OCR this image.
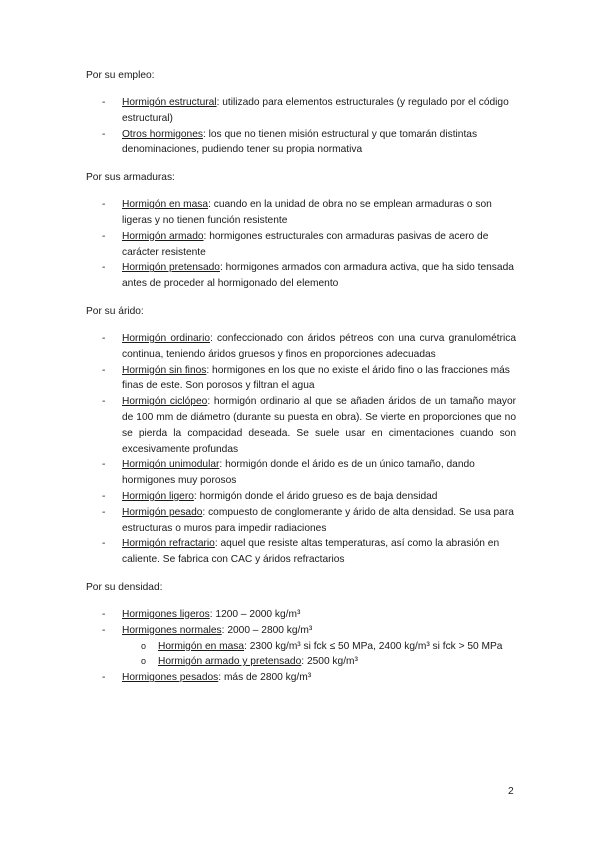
Por su empleo:

- Hormigón estructural: utilizado para elementos estructurales (y regulado por el código estructural)
- Otros hormigones: los que no tienen misión estructural y que tomarán distintas denominaciones, pudiendo tener su propia normativa

Por sus armaduras:

- Hormigón en masa: cuando en la unidad de obra no se emplean armaduras o son ligeras y no tienen función resistente
- Hormigón armado: hormigones estructurales con armaduras pasivas de acero de carácter resistente
- Hormigón pretensado: hormigones armados con armadura activa, que ha sido tensada antes de proceder al hormigonado del elemento

Por su árido:

- Hormigón ordinario: confeccionado con áridos pétreos con una curva granulométrica continua, teniendo áridos gruesos y finos en proporciones adecuadas
- Hormigón sin finos: hormigones en los que no existe el árido fino o las fracciones más finas de este. Son porosos y filtran el agua
- Hormigón ciclópeo: hormigón ordinario al que se añaden áridos de un tamaño mayor de 100 mm de diámetro (durante su puesta en obra). Se vierte en proporciones que no se pierda la compacidad deseada. Se suele usar en cimentaciones cuando son excesivamente profundas
- Hormigón unimodular: hormigón donde el árido es de un único tamaño, dando hormigones muy porosos
- Hormigón ligero: hormigón donde el árido grueso es de baja densidad
- Hormigón pesado: compuesto de conglomerante y árido de alta densidad. Se usa para estructuras o muros para impedir radiaciones
- Hormigón refractario: aquel que resiste altas temperaturas, así como la abrasión en caliente. Se fabrica con CAC y áridos refractarios

Por su densidad:

- Hormigones ligeros: 1200 – 2000 kg/m³
- Hormigones normales: 2000 – 2800 kg/m³
o Hormigón en masa: 2300 kg/m³ si fck ≤ 50 MPa, 2400 kg/m³ si fck > 50 MPa
o Hormigón armado y pretensado: 2500 kg/m³
- Hormigones pesados: más de 2800 kg/m³
2
